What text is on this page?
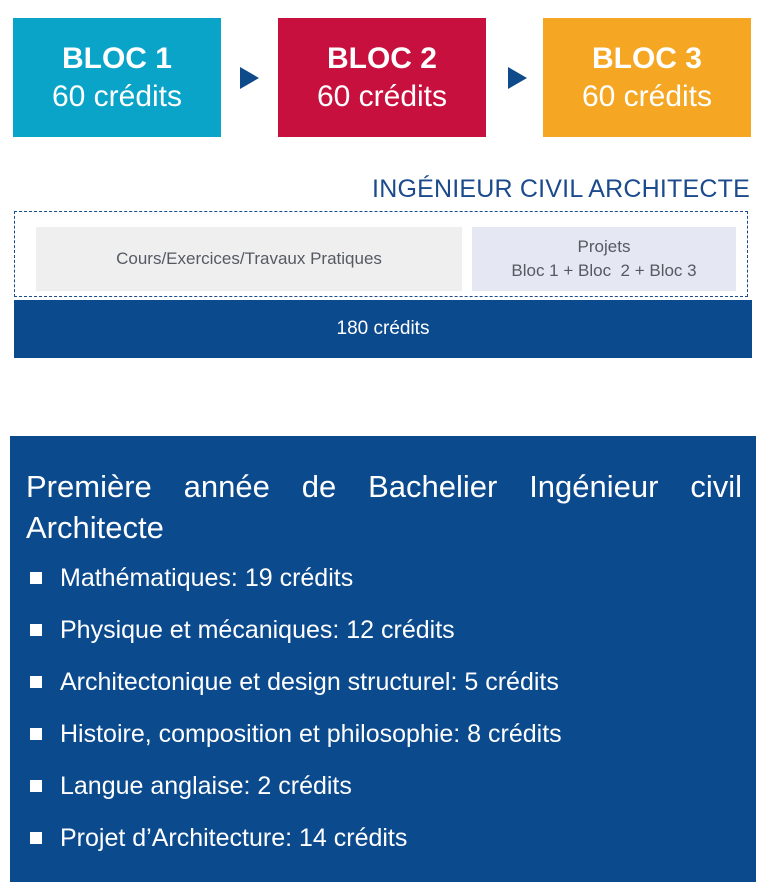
BLOC 1
60 crédits
BLOC 2
60 crédits
BLOC 3
60 crédits
INGÉNIEUR CIVIL ARCHITECTE
Cours/Exercices/Travaux Pratiques
Projets
Bloc 1 + Bloc  2 + Bloc 3
180 crédits
Première année de Bachelier Ingénieur civil Architecte
Mathématiques: 19 crédits
Physique et mécaniques: 12 crédits
Architectonique et design structurel: 5 crédits
Histoire, composition et philosophie: 8 crédits
Langue anglaise: 2 crédits
Projet d’Architecture: 14 crédits
